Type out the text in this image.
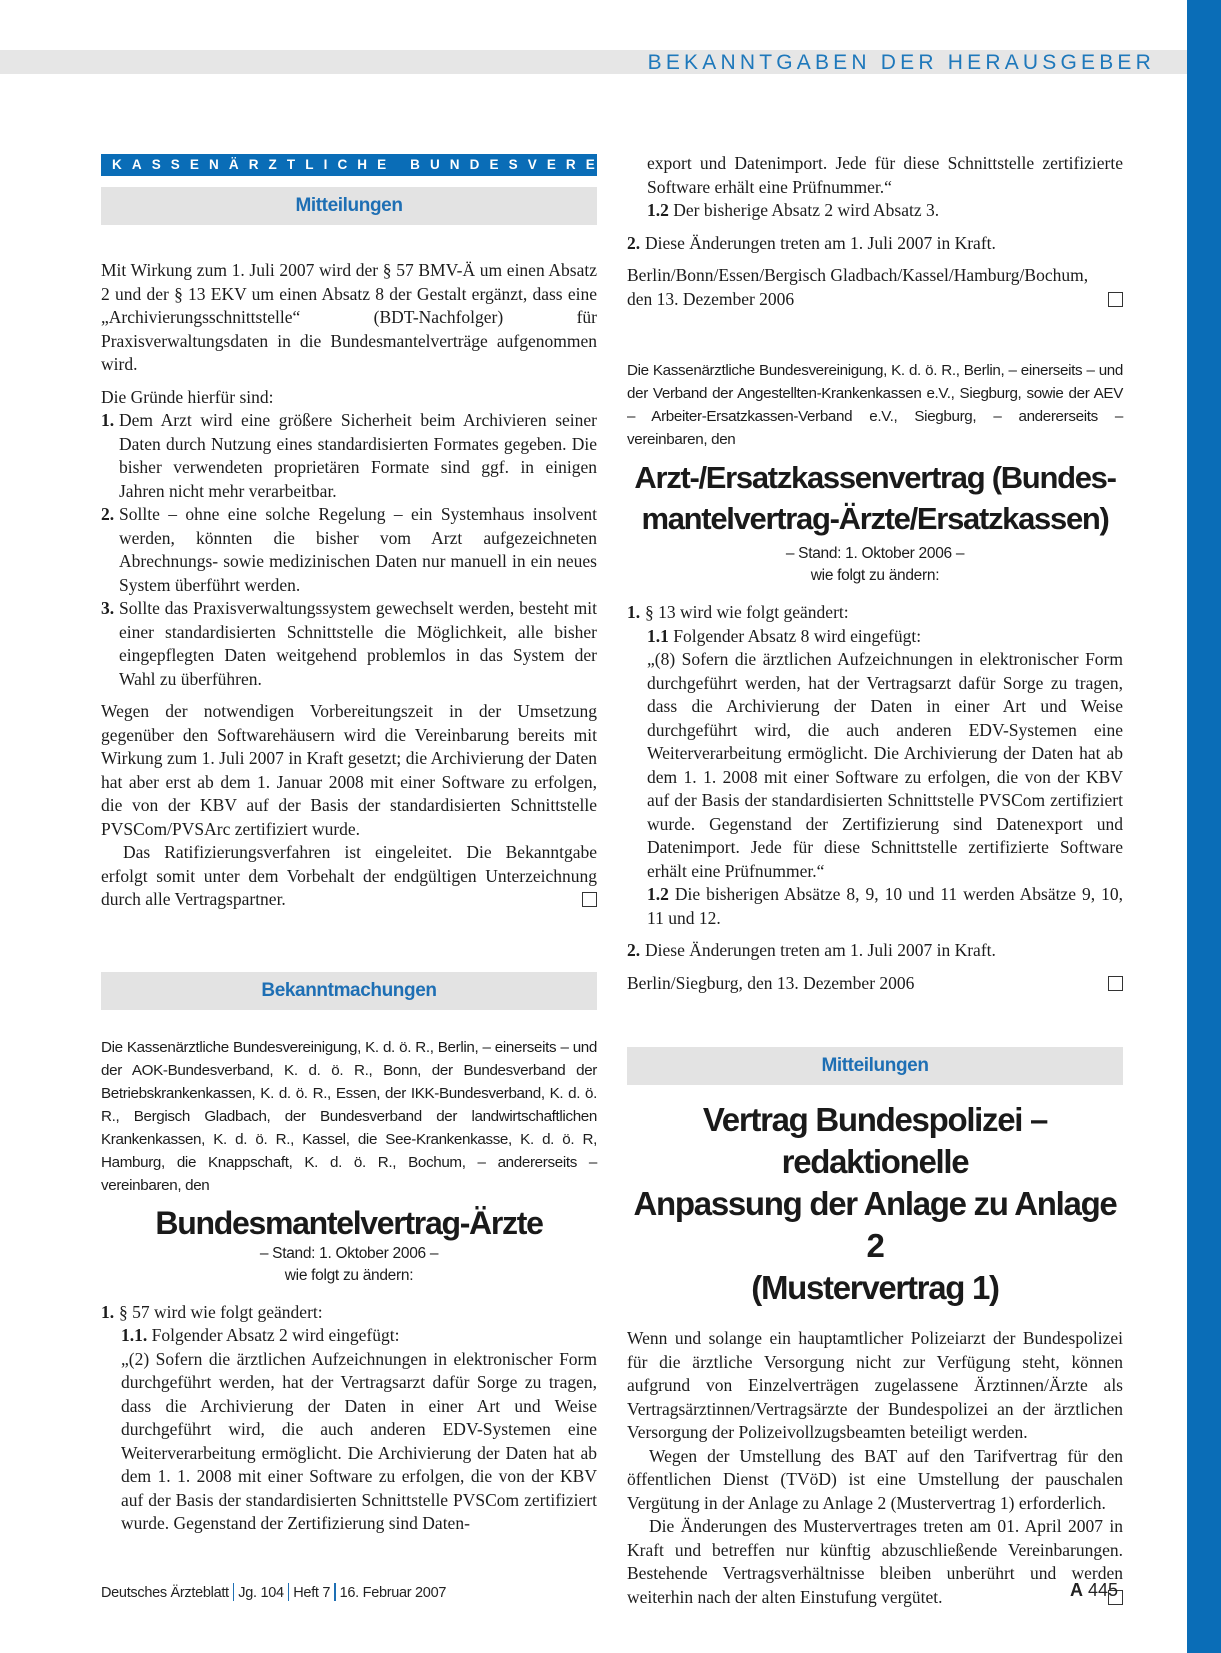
BEKANNTGABEN DER HERAUSGEBER
KASSENÄRZTLICHE BUNDESVEREINIGUNG
Mitteilungen

Mit Wirkung zum 1. Juli 2007 wird der § 57 BMV-Ä um einen Absatz 2 und der § 13 EKV um einen Absatz 8 der Gestalt ergänzt, dass eine „Archivierungsschnittstelle“ (BDT-Nachfolger) für Praxisverwaltungsdaten in die Bundesmantelverträge aufgenommen wird.

Die Gründe hierfür sind:

1. Dem Arzt wird eine größere Sicherheit beim Archivieren seiner Daten durch Nutzung eines standardisierten Formates gegeben. Die bisher verwendeten proprietären Formate sind ggf. in einigen Jahren nicht mehr verarbeitbar.
2. Sollte – ohne eine solche Regelung – ein Systemhaus insolvent werden, könnten die bisher vom Arzt aufgezeichneten Abrechnungs- sowie medizinischen Daten nur manuell in ein neues System überführt werden.
3. Sollte das Praxisverwaltungssystem gewechselt werden, besteht mit einer standardisierten Schnittstelle die Möglichkeit, alle bisher eingepflegten Daten weitgehend problemlos in das System der Wahl zu überführen.

Wegen der notwendigen Vorbereitungszeit in der Umsetzung gegenüber den Softwarehäusern wird die Vereinbarung bereits mit Wirkung zum 1. Juli 2007 in Kraft gesetzt; die Archivierung der Daten hat aber erst ab dem 1. Januar 2008 mit einer Software zu erfolgen, die von der KBV auf der Basis der standardisierten Schnittstelle PVSCom/PVSArc zertifiziert wurde.

Das Ratifizierungsverfahren ist eingeleitet. Die Bekanntgabe erfolgt somit unter dem Vorbehalt der endgültigen Unterzeichnung durch alle Vertragspartner.

Bekanntmachungen

Die Kassenärztliche Bundesvereinigung, K. d. ö. R., Berlin, – einerseits – und der AOK-Bundesverband, K. d. ö. R., Bonn, der Bundesverband der Betriebskrankenkassen, K. d. ö. R., Essen, der IKK-Bundesverband, K. d. ö. R., Bergisch Gladbach, der Bundesverband der landwirtschaftlichen Krankenkassen, K. d. ö. R., Kassel, die See-Krankenkasse, K. d. ö. R, Hamburg, die Knappschaft, K. d. ö. R., Bochum, – andererseits – vereinbaren, den

Bundesmantelvertrag-Ärzte
– Stand: 1. Oktober 2006 –
wie folgt zu ändern:
1. § 57 wird wie folgt geändert:
1.1. Folgender Absatz 2 wird eingefügt:

„(2) Sofern die ärztlichen Aufzeichnungen in elektronischer Form durchgeführt werden, hat der Vertragsarzt dafür Sorge zu tragen, dass die Archivierung der Daten in einer Art und Weise durchgeführt wird, die auch anderen EDV-Systemen eine Weiterverarbeitung ermöglicht. Die Archivierung der Daten hat ab dem 1. 1. 2008 mit einer Software zu erfolgen, die von der KBV auf der Basis der standardisierten Schnittstelle PVSCom zertifiziert wurde. Gegenstand der Zertifizierung sind Daten-

export und Datenimport. Jede für diese Schnittstelle zertifizierte Software erhält eine Prüfnummer.“

1.2 Der bisherige Absatz 2 wird Absatz 3.
2. Diese Änderungen treten am 1. Juli 2007 in Kraft.

Berlin/Bonn/Essen/Bergisch Gladbach/Kassel/Hamburg/Bochum,

den 13. Dezember 2006

Die Kassenärztliche Bundesvereinigung, K. d. ö. R., Berlin, – einerseits – und der Verband der Angestellten-Krankenkassen e.V., Siegburg, sowie der AEV – Arbeiter-Ersatzkassen-Verband e.V., Siegburg, – andererseits – vereinbaren, den

Arzt-/Ersatzkassenvertrag (Bundes-
mantelvertrag-Ärzte/Ersatzkassen)
– Stand: 1. Oktober 2006 –
wie folgt zu ändern:
1. § 13 wird wie folgt geändert:
1.1 Folgender Absatz 8 wird eingefügt:

„(8) Sofern die ärztlichen Aufzeichnungen in elektronischer Form durchgeführt werden, hat der Vertragsarzt dafür Sorge zu tragen, dass die Archivierung der Daten in einer Art und Weise durchgeführt wird, die auch anderen EDV-Systemen eine Weiterverarbeitung ermöglicht. Die Archivierung der Daten hat ab dem 1. 1. 2008 mit einer Software zu erfolgen, die von der KBV auf der Basis der standardisierten Schnittstelle PVSCom zertifiziert wurde. Gegenstand der Zertifizierung sind Datenexport und Datenimport. Jede für diese Schnittstelle zertifizierte Software erhält eine Prüfnummer.“

1.2 Die bisherigen Absätze 8, 9, 10 und 11 werden Absätze 9, 10, 11 und 12.
2. Diese Änderungen treten am 1. Juli 2007 in Kraft.
Berlin/Siegburg, den 13. Dezember 2006
Mitteilungen
Vertrag Bundespolizei – redaktionelle
Anpassung der Anlage zu Anlage 2
(Mustervertrag 1)

Wenn und solange ein hauptamtlicher Polizeiarzt der Bundespolizei für die ärztliche Versorgung nicht zur Verfügung steht, können aufgrund von Einzelverträgen zugelassene Ärztinnen/Ärzte als Vertragsärztinnen/Vertragsärzte der Bundespolizei an der ärztlichen Versorgung der Polizeivollzugsbeamten beteiligt werden.

Wegen der Umstellung des BAT auf den Tarifvertrag für den öffentlichen Dienst (TVöD) ist eine Umstellung der pauschalen Vergütung in der Anlage zu Anlage 2 (Mustervertrag 1) erforderlich.

Die Änderungen des Mustervertrages treten am 01. April 2007 in Kraft und betreffen nur künftig abzuschließende Vereinbarungen. Bestehende Vertragsverhältnisse bleiben unberührt und werden weiterhin nach der alten Einstufung vergütet.

Deutsches Ärzteblatt Jg. 104 Heft 7 16. Februar 2007	A 445
